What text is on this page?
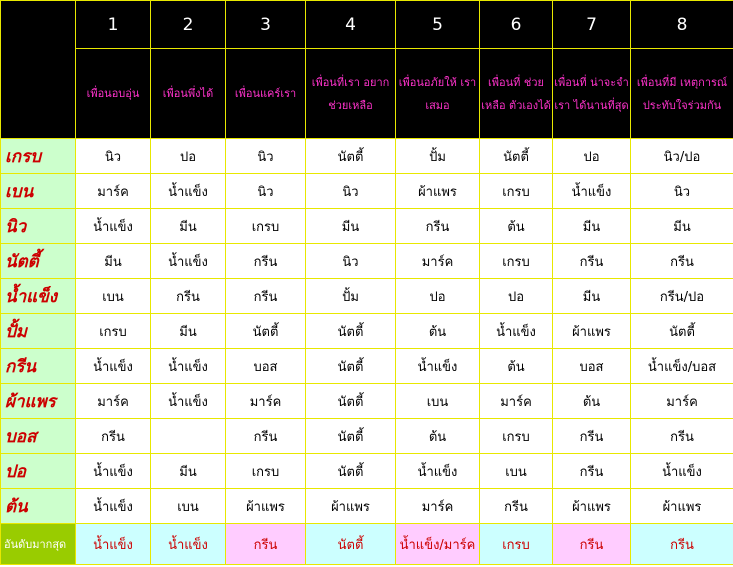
	1	2	3	4	5	6	7	8
	เพื่อนอบอุ่น	เพื่อนพึ่งได้	เพื่อนแคร์เรา	เพื่อนที่เรา อยากช่วยเหลือ	เพื่อนอภัยให้ เราเสมอ	เพื่อนที่ ช่วยเหลือ ตัวเองได้	เพื่อนที่ น่าจะจำเรา ได้นานที่สุด	เพื่อนที่มี เหตุการณ์ ประทับใจร่วมกัน
เกรบ	นิว	ปอ	นิว	นัตตี้	ปั้ม	นัตตี้	ปอ	นิว/ปอ
เบน	มาร์ค	น้ำแข็ง	นิว	นิว	ผ้าแพร	เกรบ	น้ำแข็ง	นิว
นิว	น้ำแข็ง	มีน	เกรบ	มีน	กรีน	ต้น	มีน	มีน
นัตตี้	มีน	น้ำแข็ง	กรีน	นิว	มาร์ค	เกรบ	กรีน	กรีน
น้ำแข็ง	เบน	กรีน	กรีน	ปั้ม	ปอ	ปอ	มีน	กรีน/ปอ
ปั้ม	เกรบ	มีน	นัตตี้	นัตตี้	ต้น	น้ำแข็ง	ผ้าแพร	นัตตี้
กรีน	น้ำแข็ง	น้ำแข็ง	บอส	นัตตี้	น้ำแข็ง	ต้น	บอส	น้ำแข็ง/บอส
ผ้าแพร	มาร์ค	น้ำแข็ง	มาร์ค	นัตตี้	เบน	มาร์ค	ต้น	มาร์ค
บอส	กรีน		กรีน	นัตตี้	ต้น	เกรบ	กรีน	กรีน
ปอ	น้ำแข็ง	มีน	เกรบ	นัตตี้	น้ำแข็ง	เบน	กรีน	น้ำแข็ง
ต้น	น้ำแข็ง	เบน	ผ้าแพร	ผ้าแพร	มาร์ค	กรีน	ผ้าแพร	ผ้าแพร
อันดับมากสุด	น้ำแข็ง	น้ำแข็ง	กรีน	นัตตี้	น้ำแข็ง/มาร์ค	เกรบ	กรีน	กรีน
